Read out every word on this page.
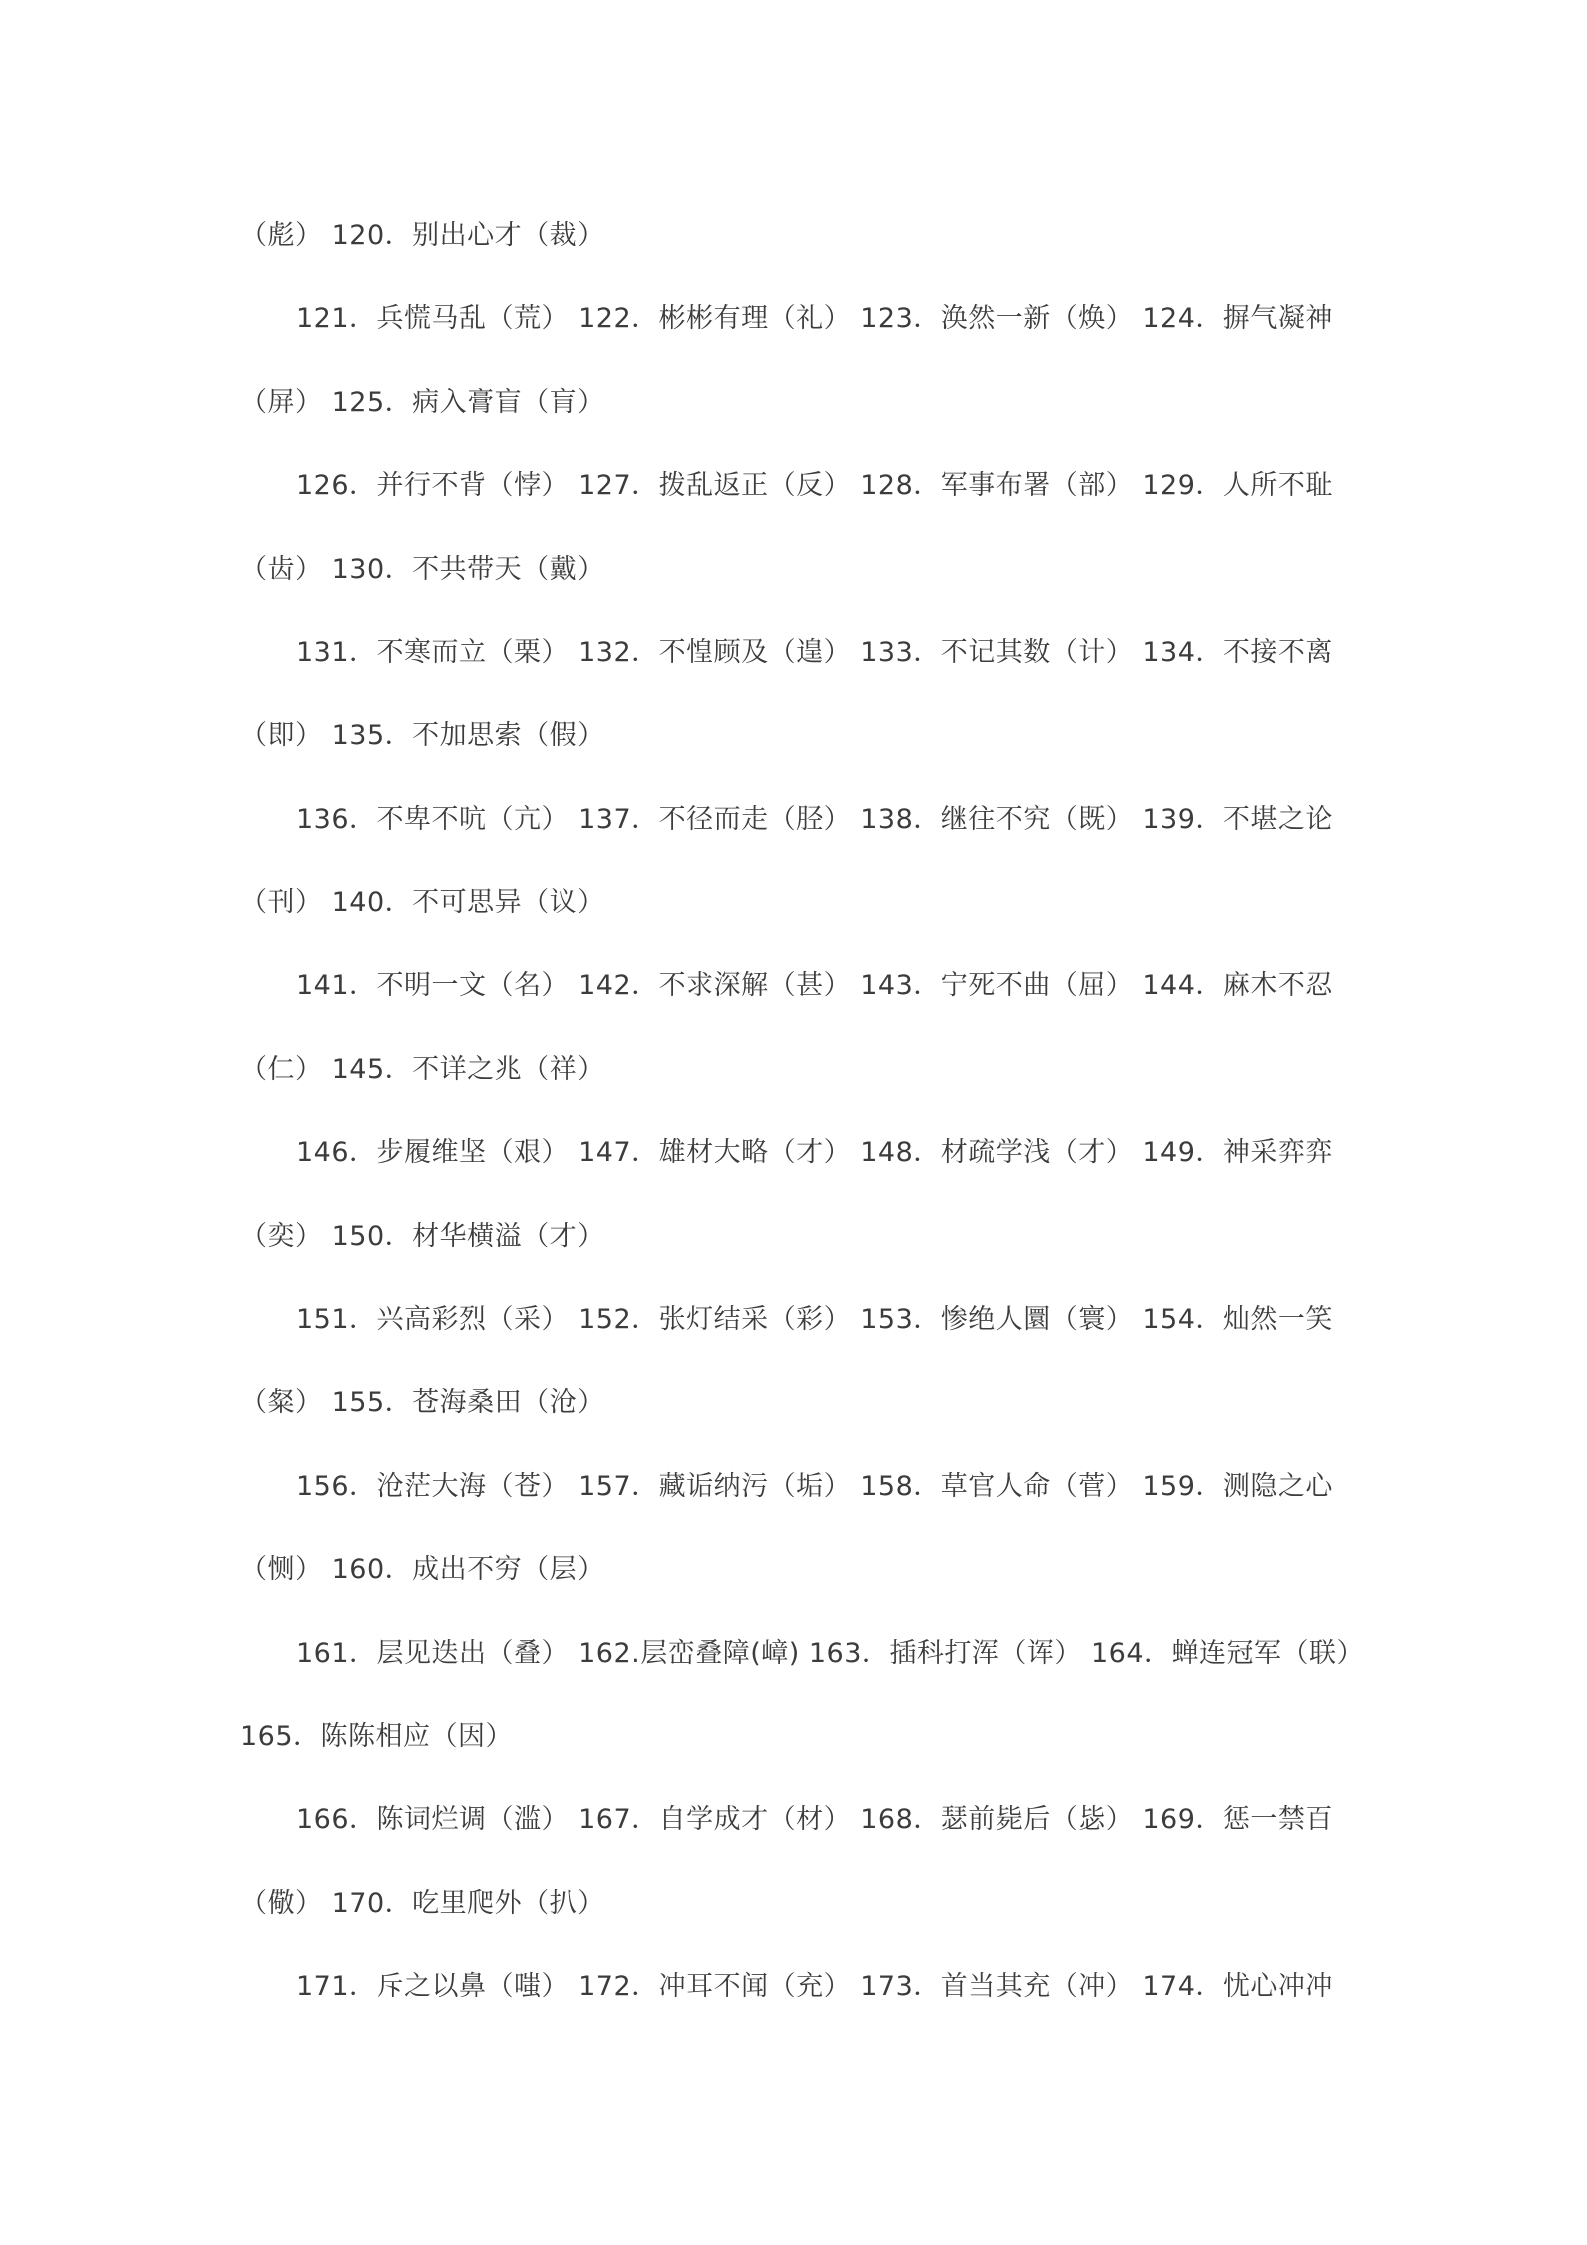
（彪） 120．别出心才（裁）
121．兵慌马乱（荒） 122．彬彬有理（礼） 123．涣然一新（焕） 124．摒气凝神
（屏） 125．病入膏盲（肓）
126．并行不背（悖） 127．拨乱返正（反） 128．军事布署（部） 129．人所不耻
（齿） 130．不共带天（戴）
131．不寒而立（栗） 132．不惶顾及（遑） 133．不记其数（计） 134．不接不离
（即） 135．不加思索（假）
136．不卑不吭（亢） 137．不径而走（胫） 138．继往不究（既） 139．不堪之论
（刊） 140．不可思异（议）
141．不明一文（名） 142．不求深解（甚） 143．宁死不曲（屈） 144．麻木不忍
（仁） 145．不详之兆（祥）
146．步履维坚（艰） 147．雄材大略（才） 148．材疏学浅（才） 149．神采弈弈
（奕） 150．材华横溢（才）
151．兴高彩烈（采） 152．张灯结采（彩） 153．惨绝人圜（寰） 154．灿然一笑
（粲） 155．苍海桑田（沧）
156．沧茫大海（苍） 157．藏诟纳污（垢） 158．草官人命（菅） 159．测隐之心
（恻） 160．成出不穷（层）
161．层见迭出（叠） 162.层峦叠障(嶂) 163．插科打浑（诨） 164．蝉连冠军（联）
165．陈陈相应（因）
166．陈词烂调（滥） 167．自学成才（材） 168．瑟前毙后（毖） 169．惩一禁百
（儆） 170．吃里爬外（扒）
171．斥之以鼻（嗤） 172．冲耳不闻（充） 173．首当其充（冲） 174．忧心冲冲
